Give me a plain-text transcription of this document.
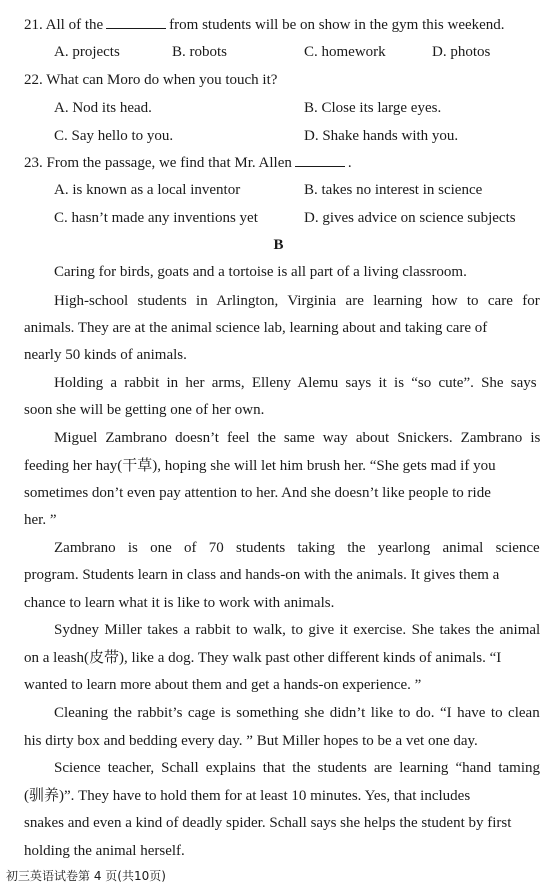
21. All of the	from students will be on show in the gym this weekend.
A. projects	B. robots	C. homework	D. photos
22. What can Moro do when you touch it?
A. Nod its head.	B. Close its large eyes.
C. Say hello to you.	D. Shake hands with you.
23. From the passage, we find that Mr. Allen	.
A. is known as a local inventor	B. takes no interest in science
C. hasn’t made any inventions yet	D. gives advice on science subjects
B
Caring for birds, goats and a tortoise is all part of a living classroom.
High-school students in Arlington, Virginia are learning how to care for
animals. They are at the animal science lab, learning about and taking care of
nearly 50 kinds of animals.
Holding a rabbit in her arms, Elleny Alemu says it is “so cute”. She says
soon she will be getting one of her own.
Miguel Zambrano doesn’t feel the same way about Snickers. Zambrano is
feeding her hay(干草), hoping she will let him brush her. “She gets mad if you
sometimes don’t even pay attention to her. And she doesn’t like people to ride
her. ”
Zambrano is one of 70 students taking the yearlong animal science
program. Students learn in class and hands-on with the animals. It gives them a
chance to learn what it is like to work with animals.
Sydney Miller takes a rabbit to walk, to give it exercise. She takes the animal
on a leash(皮带), like a dog. They walk past other different kinds of animals. “I
wanted to learn more about them and get a hands-on experience. ”
Cleaning the rabbit’s cage is something she didn’t like to do. “I have to clean
his dirty box and bedding every day. ” But Miller hopes to be a vet one day.
Science teacher, Schall explains that the students are learning “hand taming
(驯养)”. They have to hold them for at least 10 minutes. Yes, that includes
snakes and even a kind of deadly spider. Schall says she helps the student by first
holding the animal herself.
初三英语试卷第 4 页(共10页)
